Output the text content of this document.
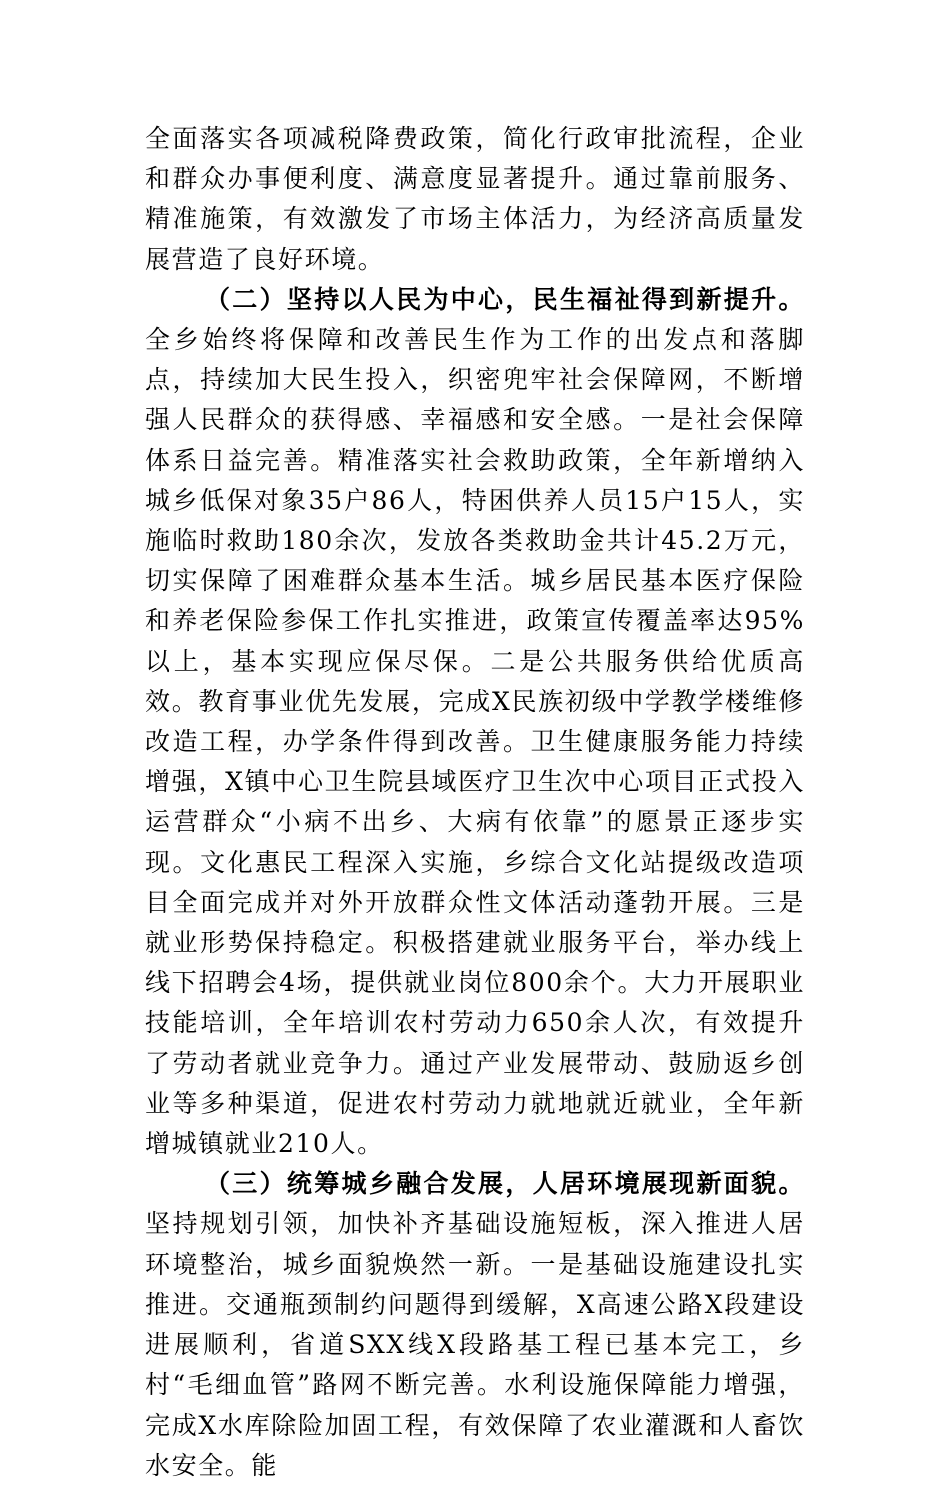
全面落实各项减税降费政策，简化行政审批流程，企业和群众办事便利度、满意度显著提升。通过靠前服务、精准施策，有效激发了市场主体活力，为经济高质量发展营造了良好环境。

（二）坚持以人民为中心，民生福祉得到新提升。全乡始终将保障和改善民生作为工作的出发点和落脚点，持续加大民生投入，织密兜牢社会保障网，不断增强人民群众的获得感、幸福感和安全感。一是社会保障体系日益完善。精准落实社会救助政策，全年新增纳入城乡低保对象35户86人，特困供养人员15户15人，实施临时救助180余次，发放各类救助金共计45.2万元，切实保障了困难群众基本生活。城乡居民基本医疗保险和养老保险参保工作扎实推进，政策宣传覆盖率达95%以上，基本实现应保尽保。二是公共服务供给优质高效。教育事业优先发展，完成X民族初级中学教学楼维修改造工程，办学条件得到改善。卫生健康服务能力持续增强，X镇中心卫生院县域医疗卫生次中心项目正式投入运营群众“小病不出乡、大病有依靠”的愿景正逐步实现。文化惠民工程深入实施，乡综合文化站提级改造项目全面完成并对外开放群众性文体活动蓬勃开展。三是就业形势保持稳定。积极搭建就业服务平台，举办线上线下招聘会4场，提供就业岗位800余个。大力开展职业技能培训，全年培训农村劳动力650余人次，有效提升了劳动者就业竞争力。通过产业发展带动、鼓励返乡创业等多种渠道，促进农村劳动力就地就近就业，全年新增城镇就业210人。

（三）统筹城乡融合发展，人居环境展现新面貌。坚持规划引领，加快补齐基础设施短板，深入推进人居环境整治，城乡面貌焕然一新。一是基础设施建设扎实推进。交通瓶颈制约问题得到缓解，X高速公路X段建设进展顺利，省道SXX线X段路基工程已基本完工，乡村“毛细血管”路网不断完善。水利设施保障能力增强，完成X水库除险加固工程，有效保障了农业灌溉和人畜饮水安全。能
